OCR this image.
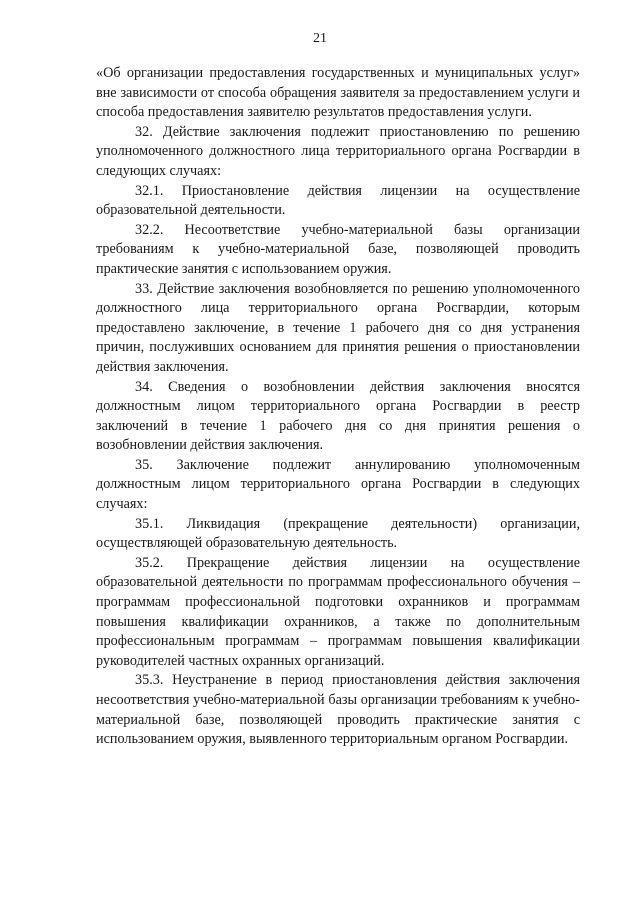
21

«Об организации предоставления государственных и муниципальных услуг» вне зависимости от способа обращения заявителя за предоставлением услуги и способа предоставления заявителю результатов предоставления услуги.

32. Действие заключения подлежит приостановлению по решению уполномоченного должностного лица территориального органа Росгвардии в следующих случаях:

32.1. Приостановление действия лицензии на осуществление образовательной деятельности.

32.2. Несоответствие учебно-материальной базы организации требованиям к учебно-материальной базе, позволяющей проводить практические занятия с использованием оружия.

33. Действие заключения возобновляется по решению уполномоченного должностного лица территориального органа Росгвардии, которым предоставлено заключение, в течение 1 рабочего дня со дня устранения причин, послуживших основанием для принятия решения о приостановлении действия заключения.

34. Сведения о возобновлении действия заключения вносятся должностным лицом территориального органа Росгвардии в реестр заключений в течение 1 рабочего дня со дня принятия решения о возобновлении действия заключения.

35. Заключение подлежит аннулированию уполномоченным должностным лицом территориального органа Росгвардии в следующих случаях:

35.1. Ликвидация (прекращение деятельности) организации, осуществляющей образовательную деятельность.

35.2. Прекращение действия лицензии на осуществление образовательной деятельности по программам профессионального обучения – программам профессиональной подготовки охранников и программам повышения квалификации охранников, а также по дополнительным профессиональным программам – программам повышения квалификации руководителей частных охранных организаций.

35.3. Неустранение в период приостановления действия заключения несоответствия учебно-материальной базы организации требованиям к учебно-материальной базе, позволяющей проводить практические занятия с использованием оружия, выявленного территориальным органом Росгвардии.
